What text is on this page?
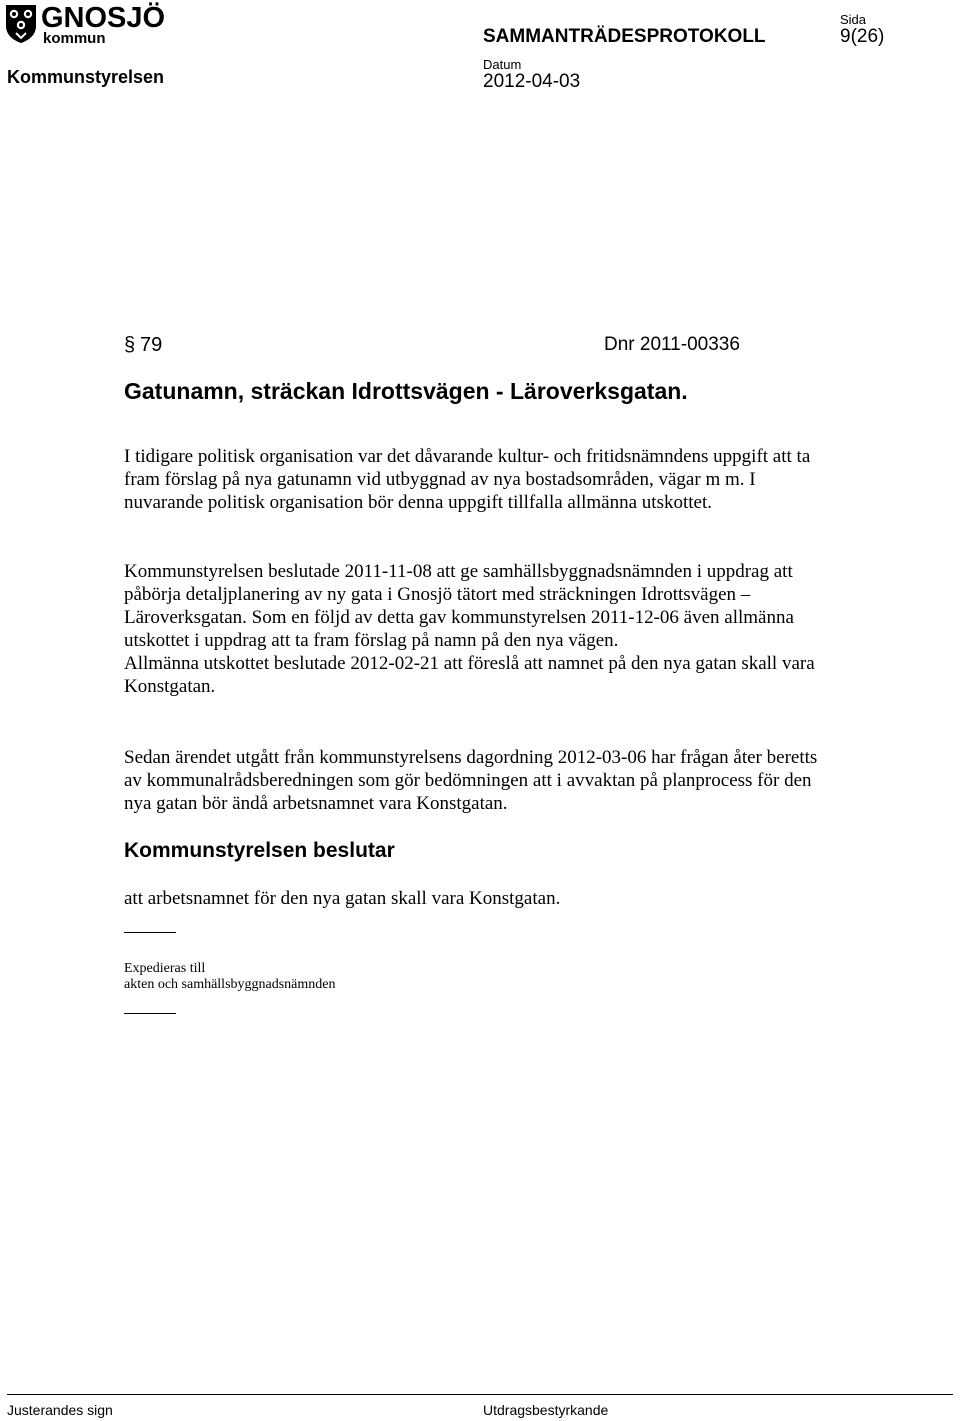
GNOSJÖ
kommun
Sida
SAMMANTRÄDESPROTOKOLL	9(26)
Kommunstyrelsen
Datum
2012-04-03
§ 79	Dnr 2011-00336
Gatunamn, sträckan Idrottsvägen - Läroverksgatan.

I tidigare politisk organisation var det dåvarande kultur- och fritidsnämndens uppgift att ta fram förslag på nya gatunamn vid utbyggnad av nya bostadsområden, vägar m m. I nuvarande politisk organisation bör denna uppgift tillfalla allmänna utskottet.

Kommunstyrelsen beslutade 2011-11-08 att ge samhällsbyggnadsnämnden i uppdrag att påbörja detaljplanering av ny gata i Gnosjö tätort med sträckningen Idrottsvägen – Läroverksgatan. Som en följd av detta gav kommunstyrelsen 2011-12-06 även allmänna utskottet i uppdrag att ta fram förslag på namn på den nya vägen.
Allmänna utskottet beslutade 2012-02-21 att föreslå att namnet på den nya gatan skall vara Konstgatan.

Sedan ärendet utgått från kommunstyrelsens dagordning 2012-03-06 har frågan åter beretts av kommunalrådsberedningen som gör bedömningen att i avvaktan på planprocess för den nya gatan bör ändå arbetsnamnet vara Konstgatan.

Kommunstyrelsen beslutar

att arbetsnamnet för den nya gatan skall vara Konstgatan.

Expedieras till
akten och samhällsbyggnadsnämnden
Justerandes sign	Utdragsbestyrkande
